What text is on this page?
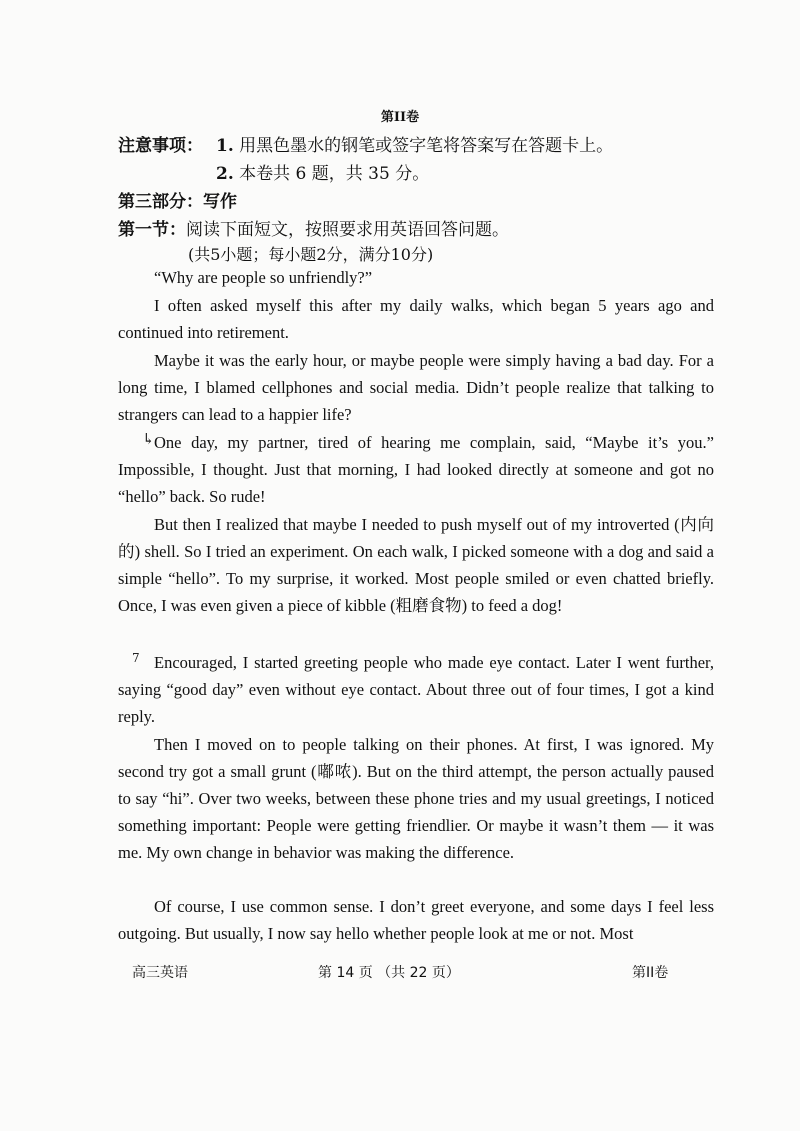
第II卷
注意事项： 1. 用黑色墨水的钢笔或签字笔将答案写在答题卡上。
2. 本卷共 6 题，共 35 分。
第三部分：写作
第一节：阅读下面短文，按照要求用英语回答问题。
(共5小题；每小题2分，满分10分)
“Why are people so unfriendly?”
I often asked myself this after my daily walks, which began 5 years ago and continued into retirement.
Maybe it was the early hour, or maybe people were simply having a bad day. For a long time, I blamed cellphones and social media. Didn’t people realize that talking to strangers can lead to a happier life?
↳ One day, my partner, tired of hearing me complain, said, “Maybe it’s you.” Impossible, I thought. Just that morning, I had looked directly at someone and got no “hello” back. So rude!
But then I realized that maybe I needed to push myself out of my introverted (内向的) shell. So I tried an experiment. On each walk, I picked someone with a dog and said a simple “hello”. To my surprise, it worked. Most people smiled or even chatted briefly. Once, I was even given a piece of kibble (粗磨食物) to feed a dog!
7 Encouraged, I started greeting people who made eye contact. Later I went further, saying “good day” even without eye contact. About three out of four times, I got a kind reply.
Then I moved on to people talking on their phones. At first, I was ignored. My second try got a small grunt (嘟哝). But on the third attempt, the person actually paused to say “hi”. Over two weeks, between these phone tries and my usual greetings, I noticed something important: People were getting friendlier. Or maybe it wasn’t them — it was me. My own change in behavior was making the difference.
Of course, I use common sense. I don’t greet everyone, and some days I feel less outgoing. But usually, I now say hello whether people look at me or not. Most
高三英语	第 14 页 （共 22 页）	第II卷
